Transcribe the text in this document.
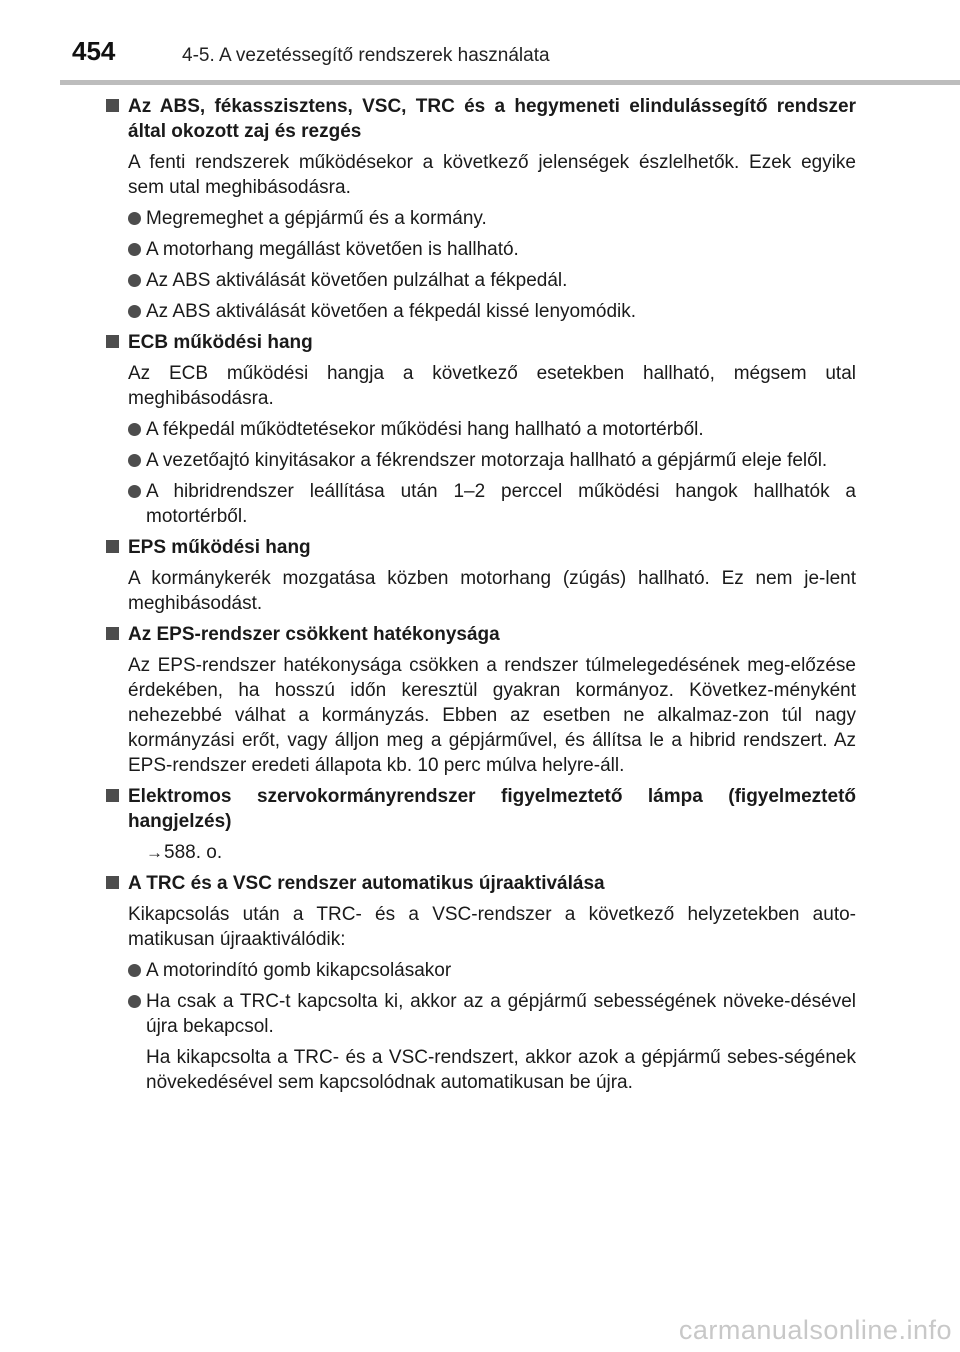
454	4-5. A vezetéssegítő rendszerek használata
Az ABS, fékasszisztens, VSC, TRC és a hegymeneti elindulássegítő rendszer által okozott zaj és rezgés
A fenti rendszerek működésekor a következő jelenségek észlelhetők. Ezek egyike sem utal meghibásodásra.
Megremeghet a gépjármű és a kormány.
A motorhang megállást követően is hallható.
Az ABS aktiválását követően pulzálhat a fékpedál.
Az ABS aktiválását követően a fékpedál kissé lenyomódik.
ECB működési hang
Az ECB működési hangja a következő esetekben hallható, mégsem utal meghibásodásra.
A fékpedál működtetésekor működési hang hallható a motortérből.
A vezetőajtó kinyitásakor a fékrendszer motorzaja hallható a gépjármű eleje felől.
A hibridrendszer leállítása után 1–2 perccel működési hangok hallhatók a motortérből.
EPS működési hang
A kormánykerék mozgatása közben motorhang (zúgás) hallható. Ez nem je-lent meghibásodást.
Az EPS-rendszer csökkent hatékonysága
Az EPS-rendszer hatékonysága csökken a rendszer túlmelegedésének meg-előzése érdekében, ha hosszú időn keresztül gyakran kormányoz. Következ-ményként nehezebbé válhat a kormányzás. Ebben az esetben ne alkalmaz-zon túl nagy kormányzási erőt, vagy álljon meg a gépjárművel, és állítsa le a hibrid rendszert. Az EPS-rendszer eredeti állapota kb. 10 perc múlva helyre-áll.
Elektromos szervokormányrendszer figyelmeztető lámpa (figyelmeztető hangjelzés)
→588. o.
A TRC és a VSC rendszer automatikus újraaktiválása
Kikapcsolás után a TRC- és a VSC-rendszer a következő helyzetekben auto-matikusan újraaktiválódik:
A motorindító gomb kikapcsolásakor
Ha csak a TRC-t kapcsolta ki, akkor az a gépjármű sebességének növeke-désével újra bekapcsol.
Ha kikapcsolta a TRC- és a VSC-rendszert, akkor azok a gépjármű sebes-ségének növekedésével sem kapcsolódnak automatikusan be újra.
carmanualsonline.info
